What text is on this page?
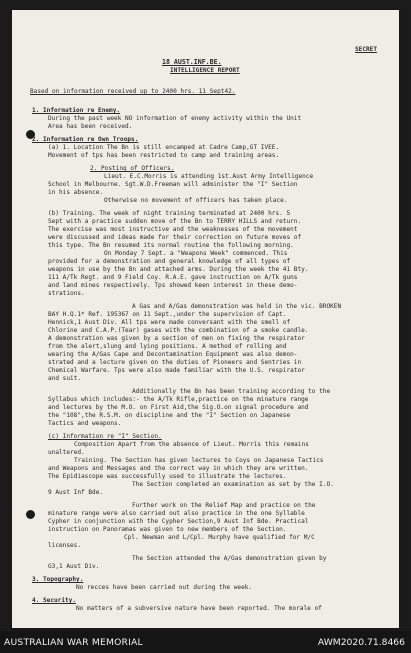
SECRET
18 AUST.INF.BE.
INTELLIGENCE REPORT
Based on information received up to 2400 hrs. 11 Sept42.
1. Information re Enemy.
During the past week NO information of enemy activity within the Unit
Area has been received.
2. Information re Own Troops.
(a) 1. Location The Bn is still encamped at Cadre Camp,GT IVEE.
Movement of tps has been restricted to camp and training areas.
2. Posting of Officers.
Lieut. E.C.Morris is attending 1st.Aust Army Intelligence
School in Melbourne. Sgt.W.D.Freeman will administer the "I" Section
in his absence.
Otherwise no movement of officers has taken place.
(b) Training. The week of night training terminated at 2400 hrs. 5
Sept with a practice sudden move of the Bn to TERRY HILLS and return.
The exercise was most instructive and the weaknesses of the movement
were discussed and ideas made for their correction on future moves of
this type. The Bn resumed its normal routine the following morning.
On Monday 7 Sept. a "Weapons Week" commenced. This
provided for a demonstration and general knowledge of all types of
weapons in use by the Bn and attached arms. During the week the 41 Bty.
111 A/Tk Regt. and 9 Field Coy. R.A.E. gave instruction on A/Tk guns
and land mines respectively. Tps showed keen interest in these demo-
strations.
A Gas and A/Gas demonstration was held in the vic. BROKEN
BAY H.Q.1* Ref. 195367 on 11 Sept.,under the supervision of Capt.
Hennick,1 Aust Div. All tps were made conversant with the smell of
Chlorine and C.A.P.(Tear) gases with the combination of a smoke candle.
A demonstration was given by a section of men on fixing the respirator
from the alert,slung and lying positions. A method of rolling and
wearing the A/Gas Cape and Decontamination Equipment was also demon-
strated and a lecture given on the duties of Pioneers and Sentries in
Chemical Warfare. Tps were also made familiar with the U.S. respirator
and suit.
Additionally the Bn has been training according to the
Syllabus which includes:- the A/Tk Rifle,practice on the minature range
and lectures by the M.O. on First Aid,the Sig.O.on signal procedure and
the "108",the R.S.M. on discipline and the "I" Section on Japanese
Tactics and weapons.
(c) Information re "I" Section.
Composition Apart from the absence of Lieut. Morris this remains
unaltered.
Training. The Section has given lectures to Coys on Japanese Tactics
and Weapons and Messages and the correct way in which they are written.
The Epidiascope was successfully used to illustrate the lectures.
The Section completed an examination as set by the I.O.
9 Aust Inf Bde.
Further work on the Relief Map and practice on the
minature range were also carried out also practice in the one Syllable
Cypher in conjunction with the Cypher Section,9 Aust Inf Bde. Practical
instruction on Panoramas was given to new members of the Section.
Cpl. Newman and L/Cpl. Murphy have qualified for M/C
licenses.
The Section attended the A/Gas demonstration given by
G3,1 Aust Div.
3. Topography.
No recces have been carried out during the week.
4. Security.
No matters of a subversive nature have been reported. The morale of
AUSTRALIAN WAR MEMORIAL	AWM2020.71.8466
